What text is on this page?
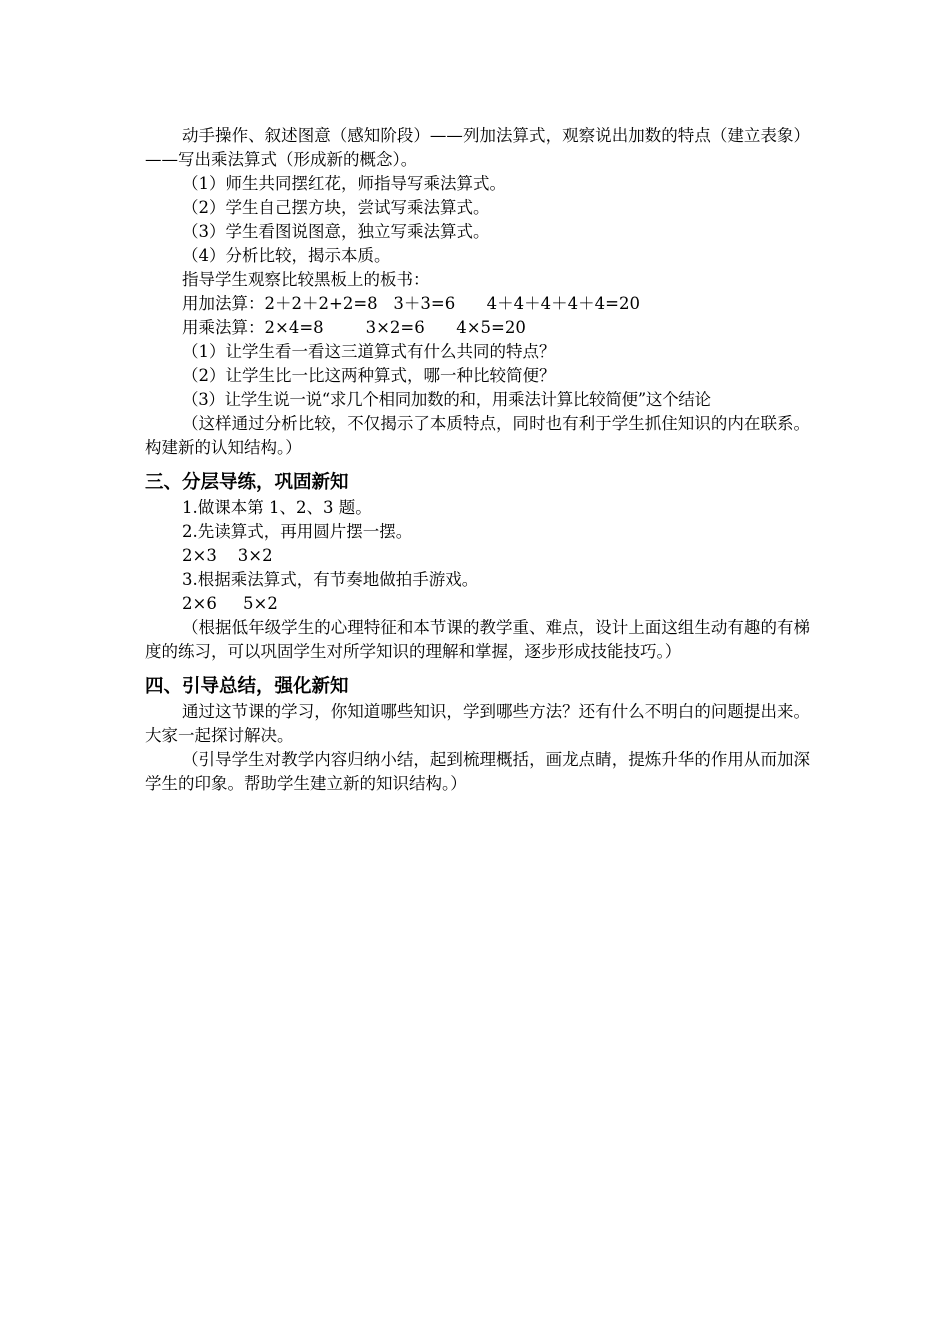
动手操作、叙述图意（感知阶段）——列加法算式，观察说出加数的特点（建立表象）——写出乘法算式（形成新的概念）。

（1）师生共同摆红花，师指导写乘法算式。

（2）学生自己摆方块，尝试写乘法算式。

（3）学生看图说图意，独立写乘法算式。

（4）分析比较，揭示本质。

指导学生观察比较黑板上的板书：

用加法算：2＋2＋2+2=8   3＋3=6      4＋4＋4＋4＋4=20

用乘法算：2×4=8        3×2=6      4×5=20

（1）让学生看一看这三道算式有什么共同的特点？

（2）让学生比一比这两种算式，哪一种比较简便？

（3）让学生说一说“求几个相同加数的和，用乘法计算比较简便”这个结论

（这样通过分析比较，不仅揭示了本质特点，同时也有利于学生抓住知识的内在联系。构建新的认知结构。）

三、分层导练，巩固新知

1.做课本第 1、2、3 题。

2.先读算式，再用圆片摆一摆。

2×3    3×2

3.根据乘法算式，有节奏地做拍手游戏。

2×6     5×2

（根据低年级学生的心理特征和本节课的教学重、难点，设计上面这组生动有趣的有梯度的练习，可以巩固学生对所学知识的理解和掌握，逐步形成技能技巧。）

四、引导总结，强化新知

通过这节课的学习，你知道哪些知识，学到哪些方法？还有什么不明白的问题提出来。大家一起探讨解决。

（引导学生对教学内容归纳小结，起到梳理概括，画龙点睛，提炼升华的作用从而加深学生的印象。帮助学生建立新的知识结构。）
